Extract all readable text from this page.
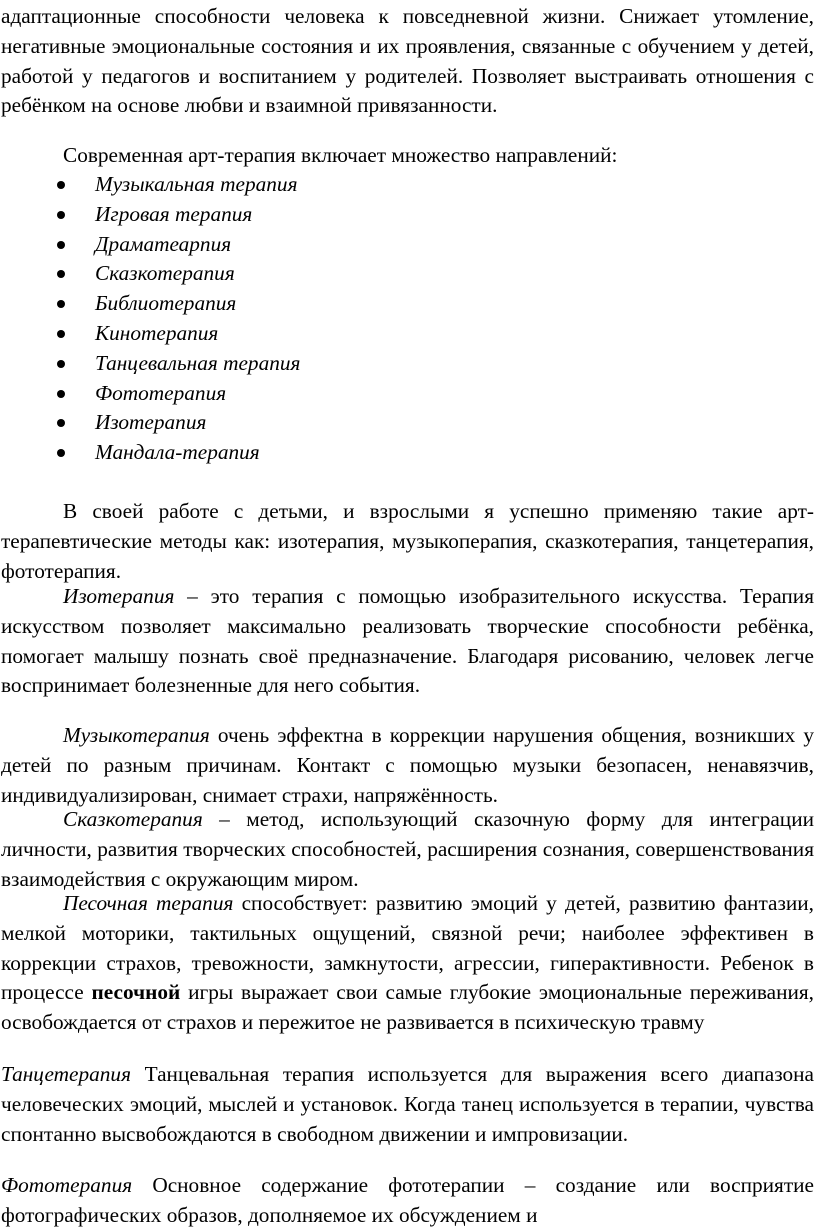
адаптационные способности человека к повседневной жизни. Снижает утомление, негативные эмоциональные состояния и их проявления, связанные с обучением у детей, работой у педагогов и воспитанием у родителей. Позволяет выстраивать отношения с ребёнком на основе любви и взаимной привязанности.

Современная арт-терапия включает множество направлений:

Музыкальная терапия
Игровая терапия
Драматеарпия
Сказкотерапия
Библиотерапия
Кинотерапия
Танцевальная терапия
Фототерапия
Изотерапия
Мандала-терапия

В своей работе с детьми, и взрослыми я успешно применяю такие арт-терапевтические методы как: изотерапия, музыкоперапия, сказкотерапия, танцетерапия, фототерапия.

Изотерапия – это терапия с помощью изобразительного искусства. Терапия искусством позволяет максимально реализовать творческие способности ребёнка, помогает малышу познать своё предназначение. Благодаря рисованию, человек легче воспринимает болезненные для него события.

Музыкотерапия очень эффектна в коррекции нарушения общения, возникших у детей по разным причинам. Контакт с помощью музыки безопасен, ненавязчив, индивидуализирован, снимает страхи, напряжённость.

Сказкотерапия – метод, использующий сказочную форму для интеграции личности, развития творческих способностей, расширения сознания, совершенствования взаимодействия с окружающим миром.

Песочная терапия способствует: развитию эмоций у детей, развитию фантазии, мелкой моторики, тактильных ощущений, связной речи; наиболее эффективен в коррекции страхов, тревожности, замкнутости, агрессии, гиперактивности. Ребенок в процессе песочной игры выражает свои самые глубокие эмоциональные переживания, освобождается от страхов и пережитое не развивается в психическую травму

Танцетерапия Танцевальная терапия используется для выражения всего диапазона человеческих эмоций, мыслей и установок. Когда танец используется в терапии, чувства спонтанно высвобождаются в свободном движении и импровизации.

Фототерапия Основное содержание фототерапии – создание или восприятие фотографических образов, дополняемое их обсуждением и
